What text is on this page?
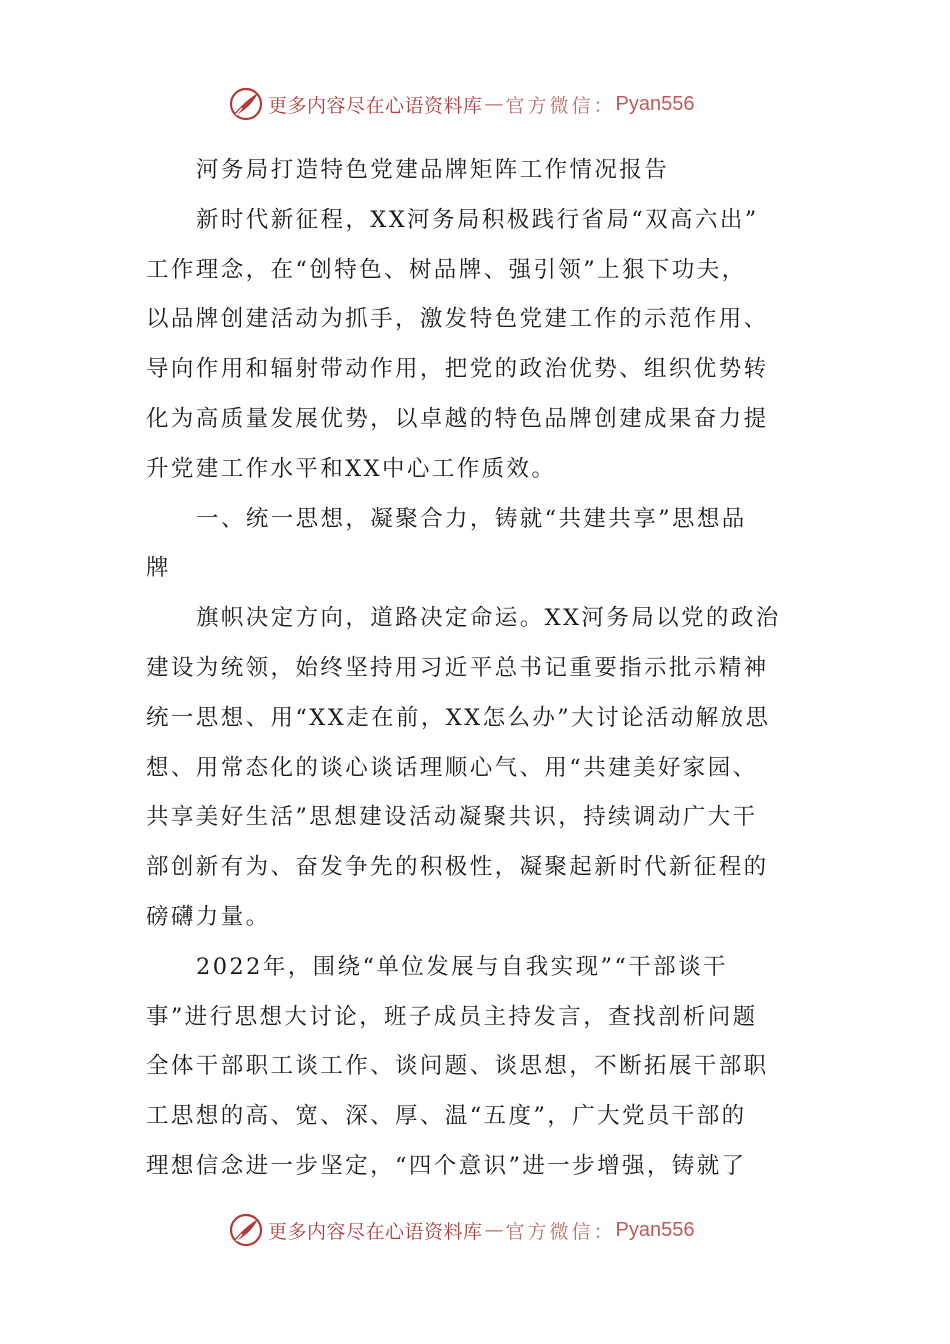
更多内容尽在心语资料库 — 官方微信： Pyan556
河务局打造特色党建品牌矩阵工作情况报告
新时代新征程，XX河务局积极践行省局“双高六出”
工作理念，在“创特色、树品牌、强引领”上狠下功夫，
以品牌创建活动为抓手，激发特色党建工作的示范作用、
导向作用和辐射带动作用，把党的政治优势、组织优势转
化为高质量发展优势，以卓越的特色品牌创建成果奋力提
升党建工作水平和XX中心工作质效。
一、统一思想，凝聚合力，铸就“共建共享”思想品
牌
旗帜决定方向，道路决定命运。XX河务局以党的政治
建设为统领，始终坚持用习近平总书记重要指示批示精神
统一思想、用“XX走在前，XX怎么办”大讨论活动解放思
想、用常态化的谈心谈话理顺心气、用“共建美好家园、
共享美好生活”思想建设活动凝聚共识，持续调动广大干
部创新有为、奋发争先的积极性，凝聚起新时代新征程的
磅礴力量。
2022年，围绕“单位发展与自我实现”“干部谈干
事”进行思想大讨论，班子成员主持发言，查找剖析问题
全体干部职工谈工作、谈问题、谈思想，不断拓展干部职
工思想的高、宽、深、厚、温“五度”，广大党员干部的
理想信念进一步坚定，“四个意识”进一步增强，铸就了
更多内容尽在心语资料库 — 官方微信： Pyan556
